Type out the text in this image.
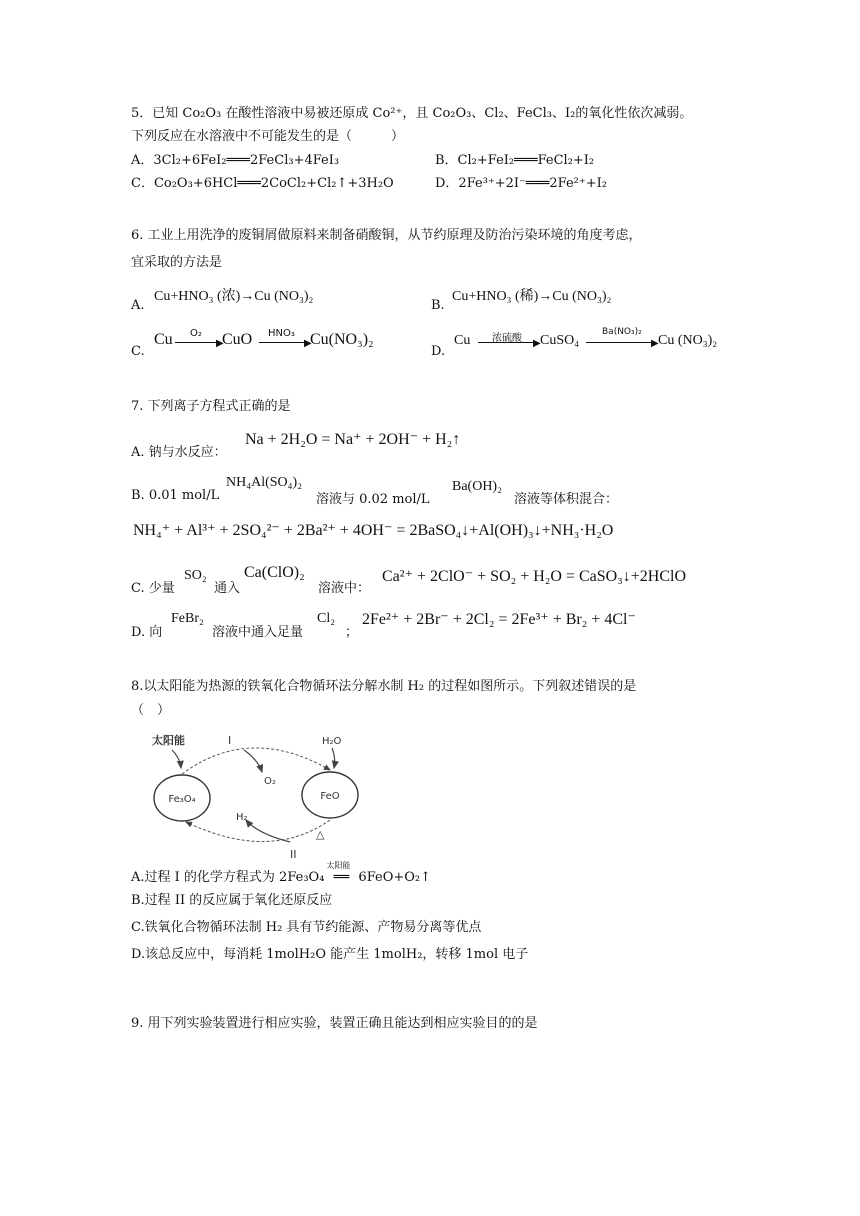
5．已知 Co₂O₃ 在酸性溶液中易被还原成 Co²⁺，且 Co₂O₃、Cl₂、FeCl₃、I₂的氧化性依次减弱。
下列反应在水溶液中不可能发生的是（　　　）
A．3Cl₂+6FeI₂═══2FeCl₃+4FeI₃	B．Cl₂+FeI₂═══FeCl₂+I₂
C．Co₂O₃+6HCl═══2CoCl₂+Cl₂↑+3H₂O	D．2Fe³⁺+2I⁻═══2Fe²⁺+I₂
6. 工业上用洗净的废铜屑做原料来制备硝酸铜，从节约原理及防治污染环境的角度考虑，
宜采取的方法是
A.
Cu+HNO₃ (浓)→Cu (NO₃)₂
B.
Cu+HNO₃ (稀)→Cu (NO₃)₂
C.
Cu O₂
▶
CuO HNO₃
▶
Cu(NO₃)₂
D.
Cu 浓硫酸 ▶ CuSO₄
Ba(NO₃)₂
▶ Cu (NO₃)₂
7. 下列离子方程式正确的是
A. 钠与水反应：
Na + 2H₂O = Na⁺ + 2OH⁻ + H₂↑
B. 0.01 mol/L
NH₄Al(SO₄)₂
溶液与 0.02 mol/L
Ba(OH)₂
溶液等体积混合：
NH₄⁺ + Al³⁺ + 2SO₄²⁻ + 2Ba²⁺ + 4OH⁻ = 2BaSO₄↓+Al(OH)₃↓+NH₃·H₂O
C. 少量
SO₂
通入
Ca(ClO)₂
溶液中：
Ca²⁺ + 2ClO⁻ + SO₂ + H₂O = CaSO₃↓+2HClO
D. 向
FeBr₂
溶液中通入足量
Cl₂
；
2Fe²⁺ + 2Br⁻ + 2Cl₂ = 2Fe³⁺ + Br₂ + 4Cl⁻
8.以太阳能为热源的铁氧化合物循环法分解水制 H₂ 的过程如图所示。下列叙述错误的是
（　）
太阳能	I
O₂
H₂O
Fe₃O₄	FeO
II
H₂
△
A.过程 I 的化学方程式为 2Fe₃O₄
太阳能
══ 6FeO+O₂↑
B.过程 II 的反应属于氧化还原反应
C.铁氧化合物循环法制 H₂ 具有节约能源、产物易分离等优点
D.该总反应中，每消耗 1molH₂O 能产生 1molH₂，转移 1mol 电子
9. 用下列实验装置进行相应实验，装置正确且能达到相应实验目的的是
